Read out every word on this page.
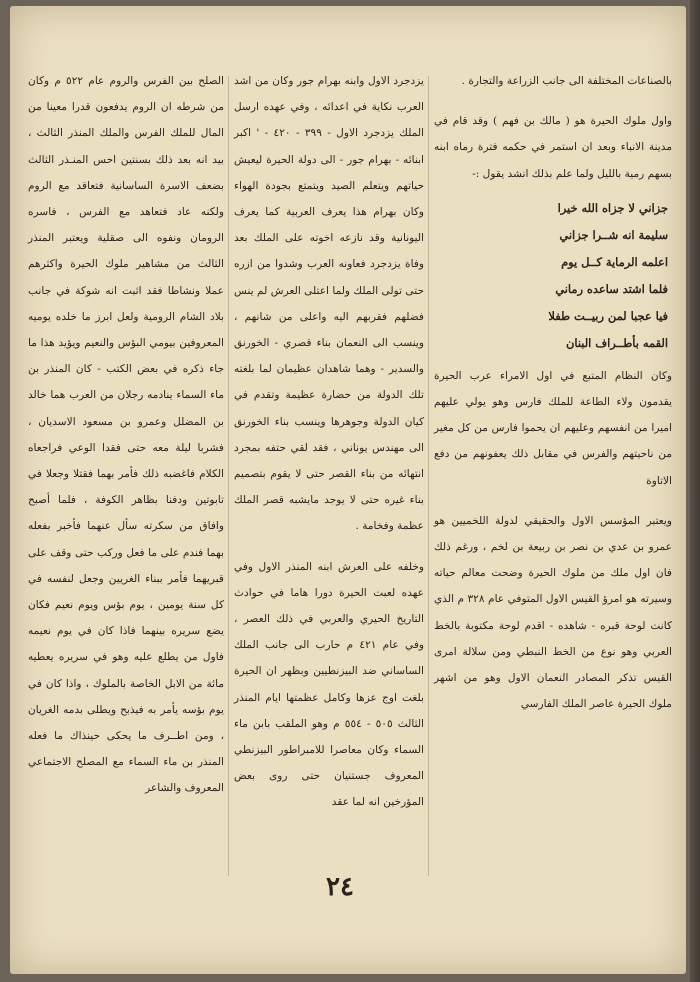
بالصناعات المختلفة الى جانب الزراعة والتجارة .

واول ملوك الحيرة هو ( مالك بن فهم ) وقد قام في مدينة الانباء وبعد ان استمر في حكمه فترة رماه ابنه بسهم رمية بالليل ولما علم بذلك انشد يقول :-

جزاني لا جزاه الله خيرا
سليمة انه شــرا جزاني
اعلمه الرماية كــل يوم
فلما اشتد ساعده رماني
فيا عجبا لمن ربيــت طفلا
القمه بأطــراف البنان

وكان النظام المتبع في اول الامراء عرب الحيرة يقدمون ولاء الطاعة للملك فارس وهو يولي عليهم اميرا من انفسهم وعليهم ان يحموا فارس من كل مغير من ناحيتهم والفرس في مقابل ذلك يعفونهم من دفع الاتاوة

ويعتبر المؤسس الاول والحقيقي لدولة اللخميين هو عمرو بن عدي بن نصر بن ربيعة بن لخم ، ورغم ذلك فان اول ملك من ملوك الحيرة وضحت معالم حياته وسيرته هو امرؤ القيس الاول المتوفي عام ٣٢٨ م الذي كانت لوحة قبره - شاهده - اقدم لوحة مكتوبة بالخط العربي وهو نوع من الخط النبطي ومن سلالة امرى القيس تذكر المصادر النعمان الاول وهو من اشهر ملوك الحيرة عاصر الملك الفارسي

يزدجرد الاول وابنه بهرام جور وكان من اشد العرب نكاية في اعدائه ، وفي عهده ارسل الملك يزدجرد الاول - ٣٩٩ - ٤٢٠ - ' اكبر ابنائه - بهرام جور - الى دولة الحيرة ليعيش حياتهم ويتعلم الصيد ويتمتع بجودة الهواء وكان بهرام هذا يعرف العربية كما يعرف اليونانية وقد نازعه اخوته على الملك بعد وفاة يزدجرد فعاونه العرب وشدوا من ازره حتى تولى الملك ولما اعتلى العرش لم ينس فضلهم فقربهم اليه واعلى من شانهم ، وينسب الى النعمان بناء قصري - الخورنق والسدير - وهما شاهدان عظيمان لما بلغته تلك الدولة من حضارة عظيمة وتقدم في كيان الدولة وجوهرها وينسب بناء الخورنق الى مهندس يوناني ، فقد لقي حتفه بمجرد انتهائه من بناء القصر حتى لا يقوم بتصميم بناء غيره حتى لا يوجد مايشبه قصر الملك عظمة وفخامة .

وخلفه على العرش ابنه المنذر الاول وفي عهده لعبت الحيرة دورا هاما في حوادث التاريخ الحيري والعربي في ذلك العصر ، وفي عام ٤٢١ م حارب الى جانب الملك الساساني ضد البيزنطيين وبظهر ان الحيرة بلغت اوج عزها وكامل عظمتها ايام المنذر الثالث ٥٠٥ - ٥٥٤ م وهو الملقب بابن ماء السماء وكان معاصرا للامبراطور البيزنطي المعروف جستنيان حتى روى بعض المؤرخين انه لما عقد

الصلح بين الفرس والروم عام ٥٢٢ م وكان من شرطه ان الروم يدفعون قدرا معينا من المال للملك الفرس والملك المنذر الثالث ، بيد انه بعد ذلك بسنتين احس المنـذر الثالث بضعف الاسرة الساسانية فتعاقد مع الروم ولكنه عاد فتعاهد مع الفرس ، فاسره الرومان ونفوه الى صقلية ويعتبر المنذر الثالث من مشاهير ملوك الحيرة واكثرهم عملا ونشاطا فقد اثبت انه شوكة في جانب بلاد الشام الرومية ولعل ابرز ما خلده يوميه المعروفين بيومي البؤس والنعيم ويؤيد هذا ما جاء ذكره في بعض الكتب - كان المنذر بن ماء السماء ينادمه رجلان من العرب هما خالد بن المضلل وعمرو بن مسعود الاسديان ، فشربا ليلة معه حتى فقدا الوعي فراجعاه الكلام فاغضبه ذلك فأمر بهما فقتلا وجعلا في تابوتين ودفنا بظاهر الكوفة ، فلما أصبح وافاق من سكرته سأل عنهما فأخبر بفعله بهما فندم على ما فعل وركب حتى وقف على قبريهما فأمر ببناء الغريين وجعل لنفسه في كل سنة يومين ، يوم بؤس ويوم نعيم فكان يضع سريره بينهما فاذا كان في يوم نعيمه فاول من يطلع عليه وهو في سريره يعطيه مائة من الابل الخاصة بالملوك ، واذا كان في يوم بؤسه يأمر به فيذبح ويطلى بدمه الغريان ، ومن اطــرف ما يحكى حينذاك ما فعله المنذر بن ماء السماء مع المصلح الاجتماعي المعروف والشاعر

٢٤
